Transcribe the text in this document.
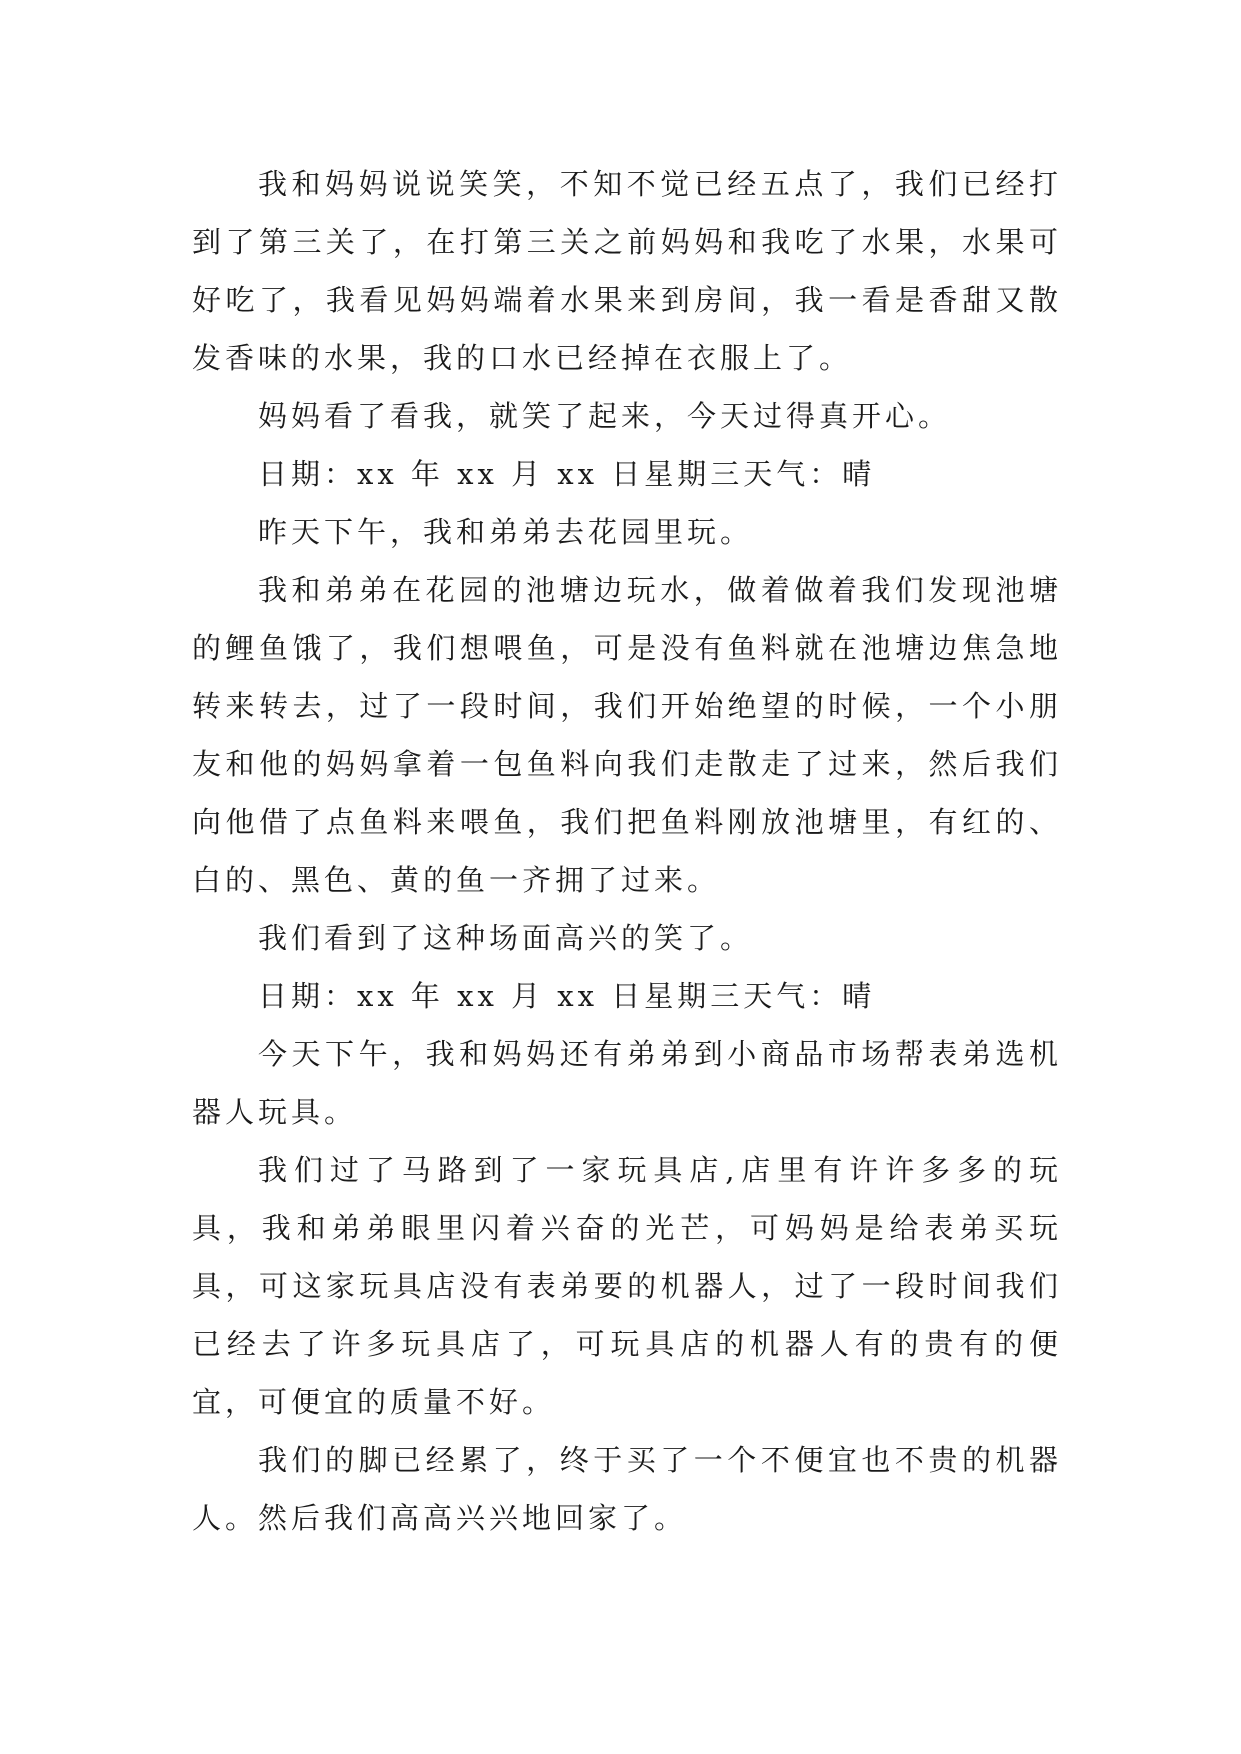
我和妈妈说说笑笑，不知不觉已经五点了，我们已经打到了第三关了，在打第三关之前妈妈和我吃了水果，水果可好吃了，我看见妈妈端着水果来到房间，我一看是香甜又散发香味的水果，我的口水已经掉在衣服上了。

妈妈看了看我，就笑了起来，今天过得真开心。

日期：xx 年 xx 月 xx 日星期三天气：晴

昨天下午，我和弟弟去花园里玩。

我和弟弟在花园的池塘边玩水，做着做着我们发现池塘的鲤鱼饿了，我们想喂鱼，可是没有鱼料就在池塘边焦急地转来转去，过了一段时间，我们开始绝望的时候，一个小朋友和他的妈妈拿着一包鱼料向我们走散走了过来，然后我们向他借了点鱼料来喂鱼，我们把鱼料刚放池塘里，有红的、白的、黑色、黄的鱼一齐拥了过来。

我们看到了这种场面高兴的笑了。

日期：xx 年 xx 月 xx 日星期三天气：晴

今天下午，我和妈妈还有弟弟到小商品市场帮表弟选机器人玩具。

我们过了马路到了一家玩具店,店里有许许多多的玩具，我和弟弟眼里闪着兴奋的光芒，可妈妈是给表弟买玩具，可这家玩具店没有表弟要的机器人，过了一段时间我们已经去了许多玩具店了，可玩具店的机器人有的贵有的便宜，可便宜的质量不好。

我们的脚已经累了，终于买了一个不便宜也不贵的机器人。然后我们高高兴兴地回家了。
